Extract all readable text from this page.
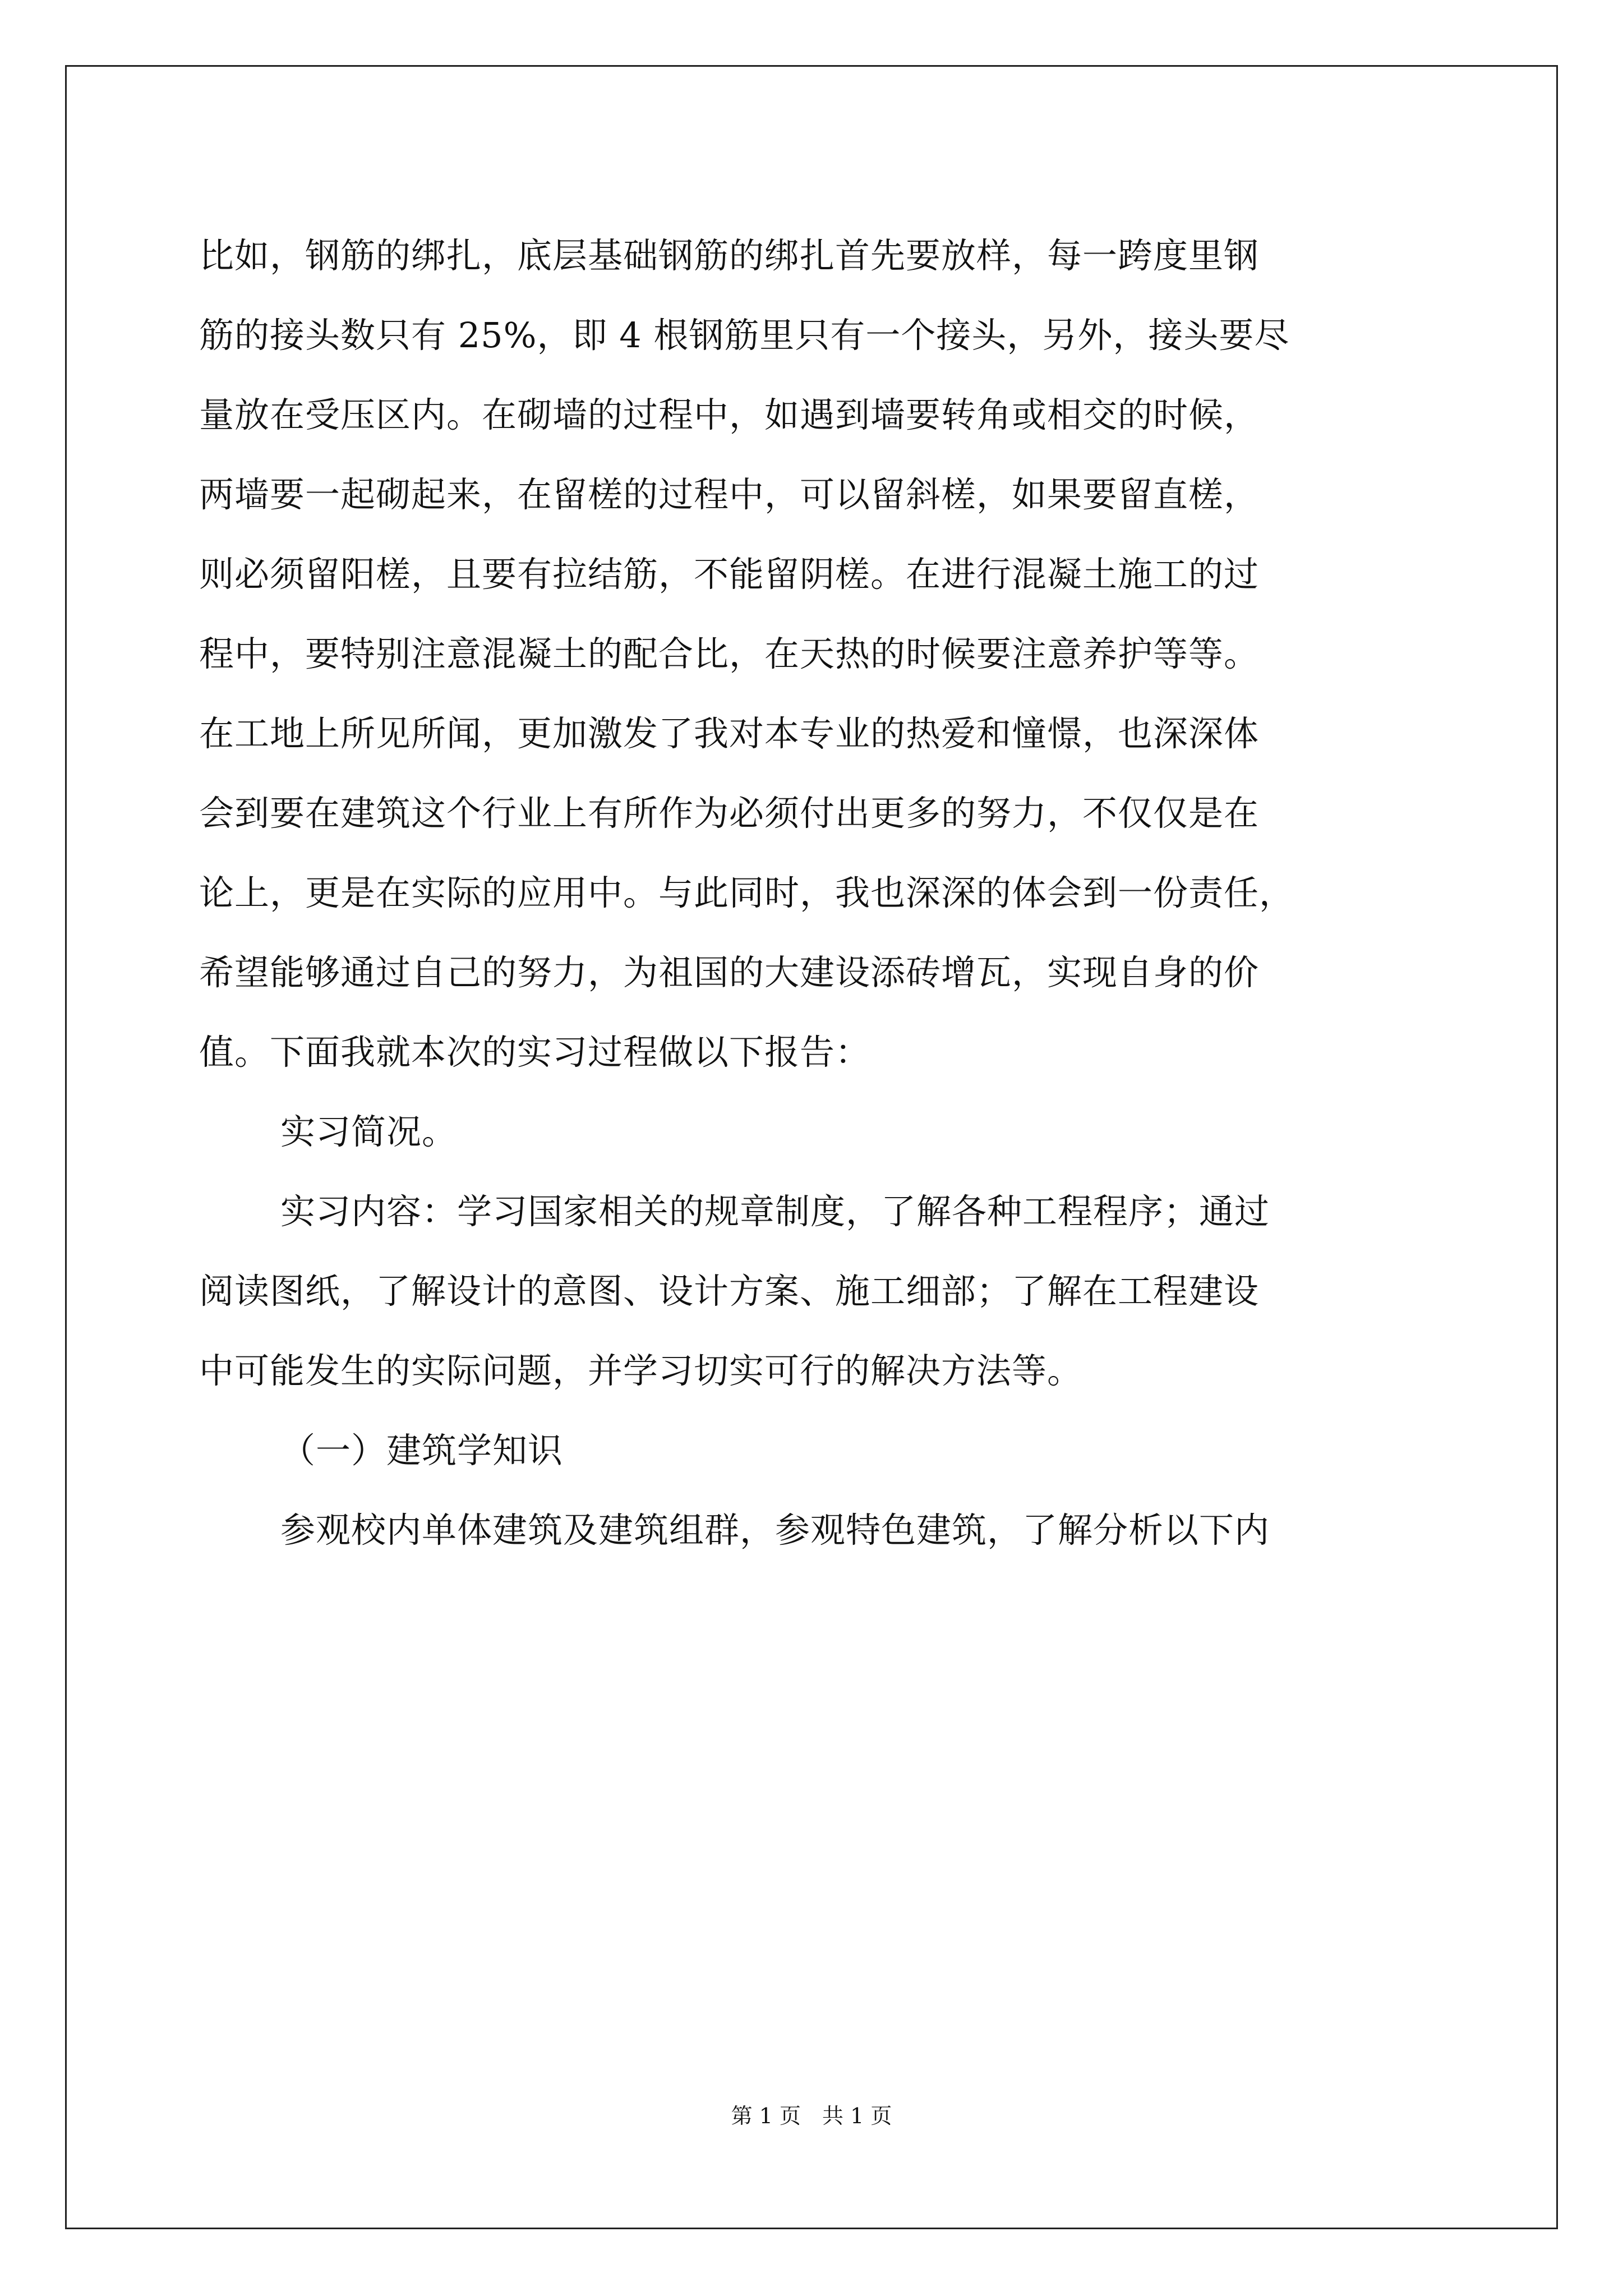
比如，钢筋的绑扎，底层基础钢筋的绑扎首先要放样，每一跨度里钢
筋的接头数只有 25%，即 4 根钢筋里只有一个接头，另外，接头要尽
量放在受压区内。在砌墙的过程中，如遇到墙要转角或相交的时候，
两墙要一起砌起来，在留槎的过程中，可以留斜槎，如果要留直槎，
则必须留阳槎，且要有拉结筋，不能留阴槎。在进行混凝土施工的过
程中，要特别注意混凝土的配合比，在天热的时候要注意养护等等。
在工地上所见所闻，更加激发了我对本专业的热爱和憧憬，也深深体
会到要在建筑这个行业上有所作为必须付出更多的努力，不仅仅是在
论上，更是在实际的应用中。与此同时，我也深深的体会到一份责任，
希望能够通过自己的努力，为祖国的大建设添砖增瓦，实现自身的价
值。下面我就本次的实习过程做以下报告：
实习简况。
实习内容：学习国家相关的规章制度，了解各种工程程序；通过
阅读图纸，了解设计的意图、设计方案、施工细部；了解在工程建设
中可能发生的实际问题，并学习切实可行的解决方法等。
（一）建筑学知识
参观校内单体建筑及建筑组群，参观特色建筑，了解分析以下内
第 1 页 共 1 页
